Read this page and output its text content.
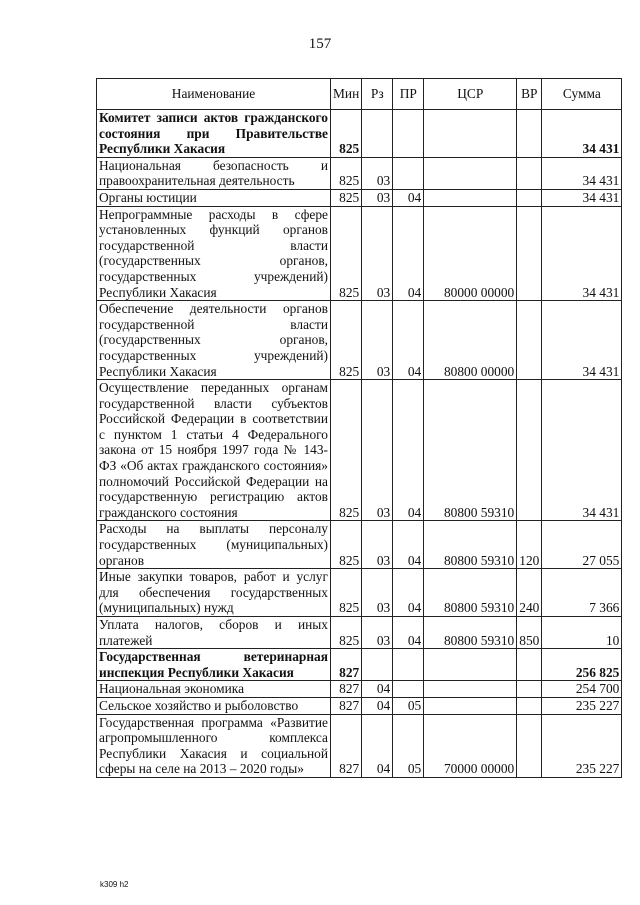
157
Наименование	Мин	Рз	ПР	ЦСР	ВР	Сумма
Комитет записи актов гражданского состояния при Правительстве Республики Хакасия	825					34 431
Национальная безопасность и правоохранительная деятельность	825	03				34 431
Органы юстиции	825	03	04			34 431
Непрограммные расходы в сфере установленных функций органов государственной власти (государственных органов, государственных учреждений) Республики Хакасия	825	03	04	80000 00000		34 431
Обеспечение деятельности органов государственной власти (государственных органов, государственных учреждений) Республики Хакасия	825	03	04	80800 00000		34 431
Осуществление переданных органам государственной власти субъектов Российской Федерации в соответствии с пунктом 1 статьи 4 Федерального закона от 15 ноября 1997 года № 143-ФЗ «Об актах гражданского состояния» полномочий Российской Федерации на государственную регистрацию актов гражданского состояния	825	03	04	80800 59310		34 431
Расходы на выплаты персоналу государственных (муниципальных) органов	825	03	04	80800 59310	120	27 055
Иные закупки товаров, работ и услуг для обеспечения государственных (муниципальных) нужд	825	03	04	80800 59310	240	7 366
Уплата налогов, сборов и иных платежей	825	03	04	80800 59310	850	10
Государственная ветеринарная инспекция Республики Хакасия	827					256 825
Национальная экономика	827	04				254 700
Сельское хозяйство и рыболовство	827	04	05			235 227
Государственная программа «Развитие агропромышленного комплекса Республики Хакасия и социальной сферы на селе на 2013 – 2020 годы»	827	04	05	70000 00000		235 227
k309 h2
